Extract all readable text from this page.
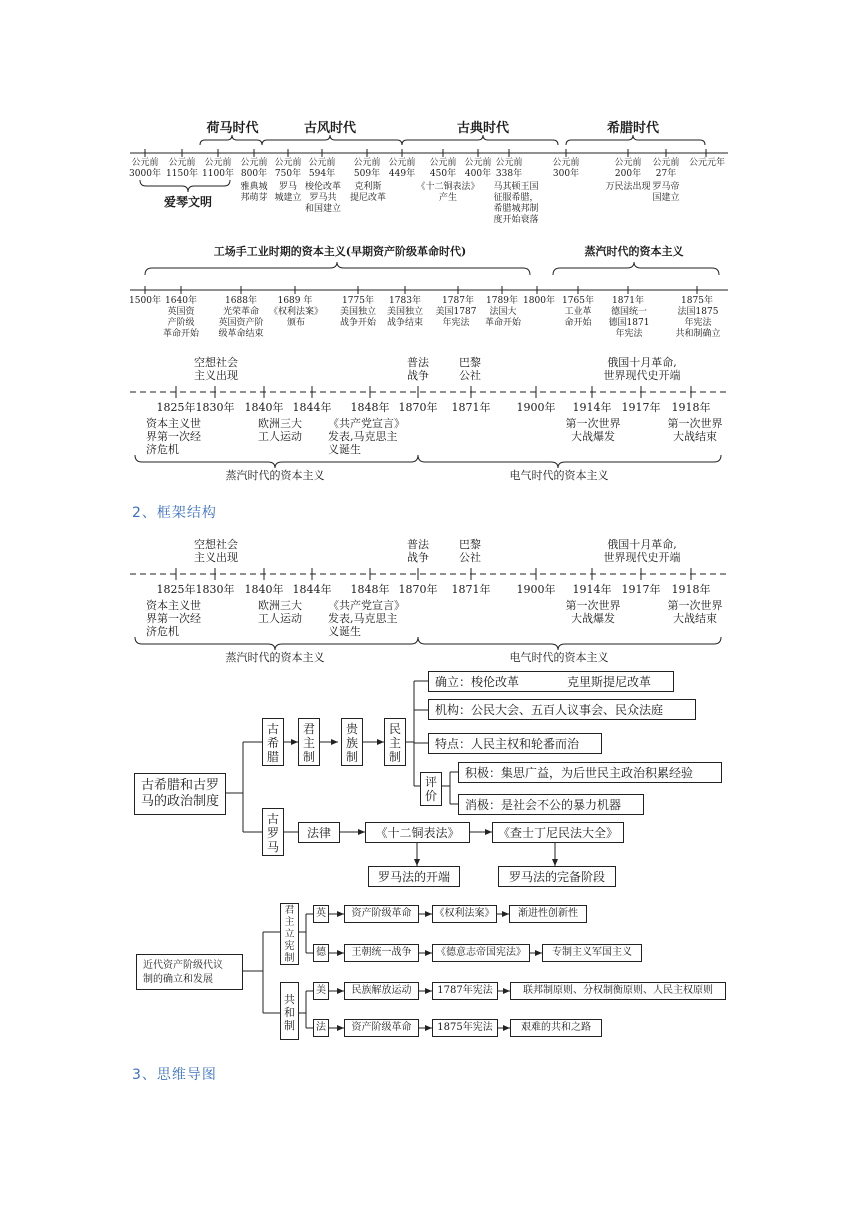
荷马时代	古风时代	古典时代	希腊时代
公元前
3000年
公元前
1150年
公元前
1100年
公元前
800年
公元前
750年
公元前
594年
公元前
509年
公元前
449年
公元前
450年
公元前
400年
公元前
338年
公元前
300年
公元前
200年
公元前
27年
公元元年
雅典城
邦萌芽
罗马
城建立
梭伦改革
罗马共
和国建立
克利斯
提尼改革
《十二铜表法》
产生
马其顿王国
征服希腊，
希腊城邦制
度开始衰落
万民法出现 罗马帝
国建立
爱琴文明
工场手工业时期的资本主义(早期资产阶级革命时代)	蒸汽时代的资本主义
1500年 1640年	1688年	1689 年	1775年	1783年	1787年	1789年 1800年 1765年	1871年	1875年
英国资
产阶级
革命开始
光荣革命
英国资产阶
级革命结束
《权利法案》
颁布
美国独立
战争开始
美国独立
战争结束
美国1787
年宪法
法国大
革命开始
工业革
命开始
德国统一
德国1871
年宪法
法国1875
年宪法
共和制确立
空想社会
主义出现
普法
战争
巴黎
公社
俄国十月革命,
世界现代史开端
1825年 1830年 1840年 1844年 1848年 1870年 1871年 1900年 1914年 1917年 1918年
资本主义世
界第一次经
济危机
欧洲三大
工人运动
《共产党宣言》
发表,马克思主
义诞生
第一次世界
大战爆发
第一次世界
大战结束
蒸汽时代的资本主义	电气时代的资本主义
2、框架结构
空想社会
主义出现
普法
战争
巴黎
公社
俄国十月革命,
世界现代史开端
1825年 1830年 1840年 1844年 1848年 1870年 1871年 1900年 1914年 1917年 1918年
资本主义世
界第一次经
济危机
欧洲三大
工人运动
《共产党宣言》
发表,马克思主
义诞生
第一次世界
大战爆发
第一次世界
大战结束
蒸汽时代的资本主义	电气时代的资本主义
古希腊和古罗
马的政治制度
古
希
腊
君
主
制
贵
族
制
民
主
制
确立：梭伦改革	克里斯提尼改革
机构：公民大会、五百人议事会、民众法庭
特点：人民主权和轮番而治
评
价
积极：集思广益，为后世民主政治积累经验
消极：是社会不公的暴力机器
古
罗
马
法律	《十二铜表法》	《查士丁尼民法大全》
罗马法的开端	罗马法的完备阶段
近代资产阶级代议
制的确立和发展
君
主
立
宪
制
共
和
制
英	资产阶级革命	《权利法案》	渐进性创新性
德	王朝统一战争	《德意志帝国宪法》	专制主义军国主义
美	民族解放运动	1787年宪法	联邦制原则、分权制衡原则、人民主权原则
法	资产阶级革命	1875年宪法	艰难的共和之路
3、思维导图
